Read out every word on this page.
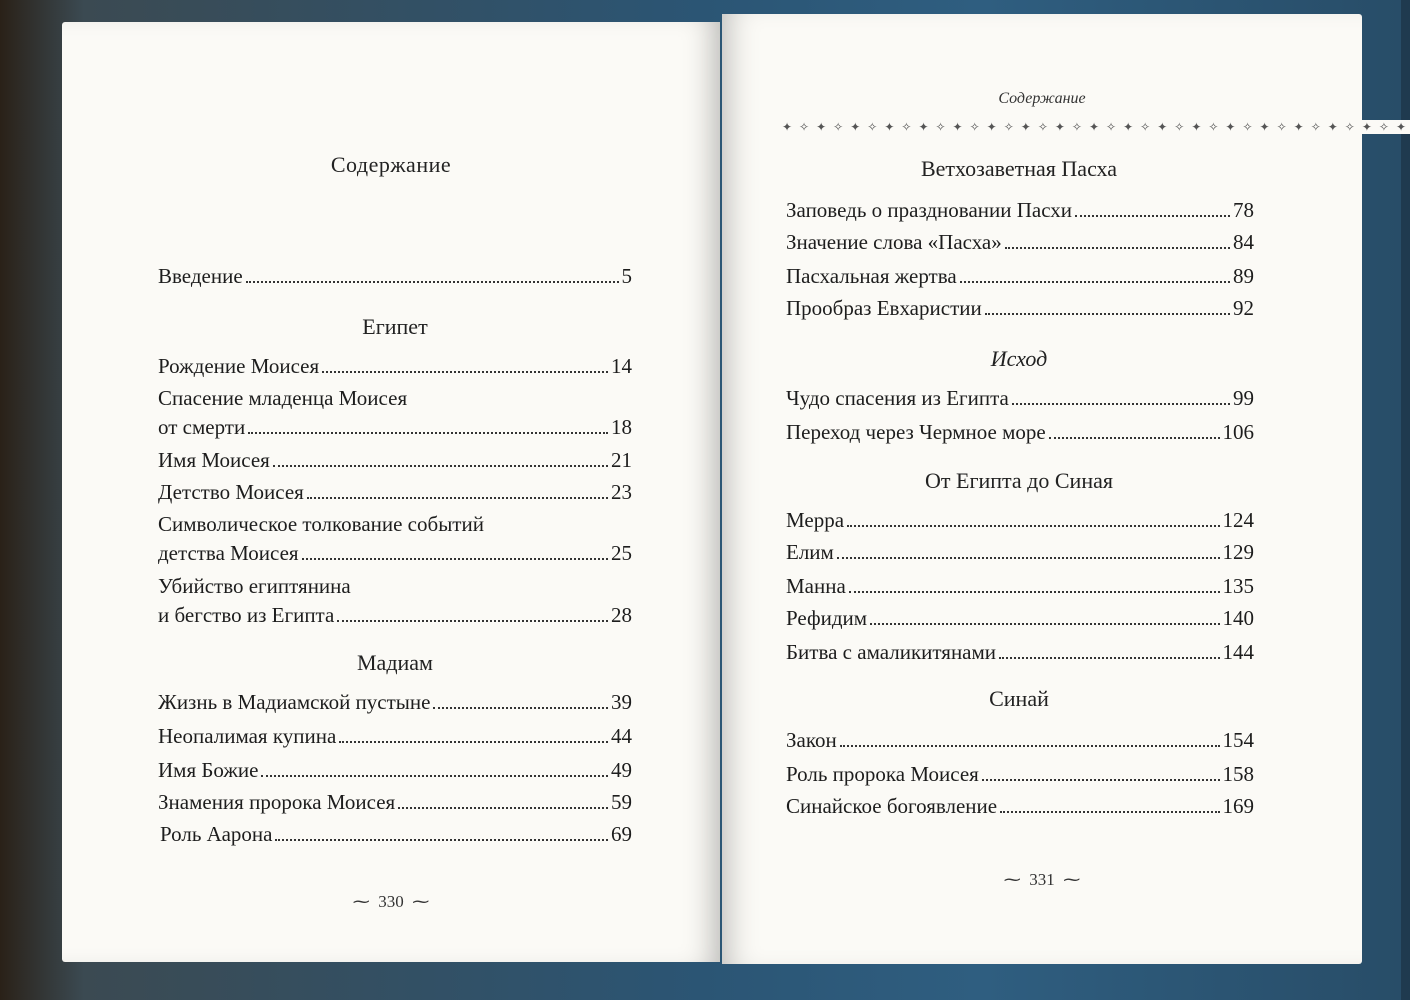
Содержание
Введение	5
Египет
Рождение Моисея	14
Спасение младенца Моисея
от смерти	18
Имя Моисея	21
Детство Моисея	23
Символическое толкование событий
детства Моисея	25
Убийство египтянина
и бегство из Египта	28
Мадиам
Жизнь в Мадиамской пустыне	39
Неопалимая купина	44
Имя Божие	49
Знамения пророка Моисея	59
Роль Аарона	69
⁓ 330 ⁓
Содержание
✦ ✧ ✦ ✧ ✦ ✧ ✦ ✧ ✦ ✧ ✦ ✧ ✦ ✧ ✦ ✧ ✦ ✧ ✦ ✧ ✦ ✧ ✦ ✧ ✦ ✧ ✦ ✧ ✦ ✧ ✦ ✧ ✦ ✧ ✦ ✧ ✦
Ветхозаветная Пасха
Заповедь о праздновании Пасхи	78
Значение слова «Пасха»	84
Пасхальная жертва	89
Прообраз Евхаристии	92
Исход
Чудо спасения из Египта	99
Переход через Чермное море	106
От Египта до Синая
Мерра	124
Елим	129
Манна	135
Рефидим	140
Битва с амаликитянами	144
Синай
Закон	154
Роль пророка Моисея	158
Синайское богоявление	169
⁓ 331 ⁓
